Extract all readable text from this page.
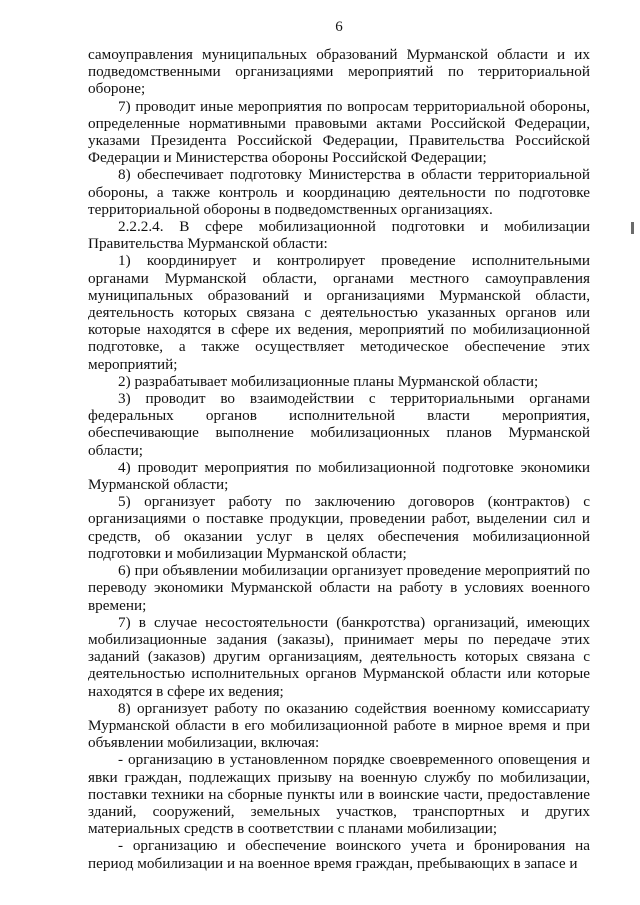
6

самоуправления муниципальных образований Мурманской области и их подведомственными организациями мероприятий по территориальной обороне;

7) проводит иные мероприятия по вопросам территориальной обороны, определенные нормативными правовыми актами Российской Федерации, указами Президента Российской Федерации, Правительства Российской Федерации и Министерства обороны Российской Федерации;

8) обеспечивает подготовку Министерства в области территориальной обороны, а также контроль и координацию деятельности по подготовке территориальной обороны в подведомственных организациях.

2.2.2.4. В сфере мобилизационной подготовки и мобилизации Правительства Мурманской области:

1) координирует и контролирует проведение исполнительными органами Мурманской области, органами местного самоуправления муниципальных образований и организациями Мурманской области, деятельность которых связана с деятельностью указанных органов или которые находятся в сфере их ведения, мероприятий по мобилизационной подготовке, а также осуществляет методическое обеспечение этих мероприятий;

2) разрабатывает мобилизационные планы Мурманской области;

3) проводит во взаимодействии с территориальными органами федеральных органов исполнительной власти мероприятия, обеспечивающие выполнение мобилизационных планов Мурманской области;

4) проводит мероприятия по мобилизационной подготовке экономики Мурманской области;

5) организует работу по заключению договоров (контрактов) с организациями о поставке продукции, проведении работ, выделении сил и средств, об оказании услуг в целях обеспечения мобилизационной подготовки и мобилизации Мурманской области;

6) при объявлении мобилизации организует проведение мероприятий по переводу экономики Мурманской области на работу в условиях военного времени;

7) в случае несостоятельности (банкротства) организаций, имеющих мобилизационные задания (заказы), принимает меры по передаче этих заданий (заказов) другим организациям, деятельность которых связана с деятельностью исполнительных органов Мурманской области или которые находятся в сфере их ведения;

8) организует работу по оказанию содействия военному комиссариату Мурманской области в его мобилизационной работе в мирное время и при объявлении мобилизации, включая:

- организацию в установленном порядке своевременного оповещения и явки граждан, подлежащих призыву на военную службу по мобилизации, поставки техники на сборные пункты или в воинские части, предоставление зданий, сооружений, земельных участков, транспортных и других материальных средств в соответствии с планами мобилизации;

- организацию и обеспечение воинского учета и бронирования на период мобилизации и на военное время граждан, пребывающих в запасе и
